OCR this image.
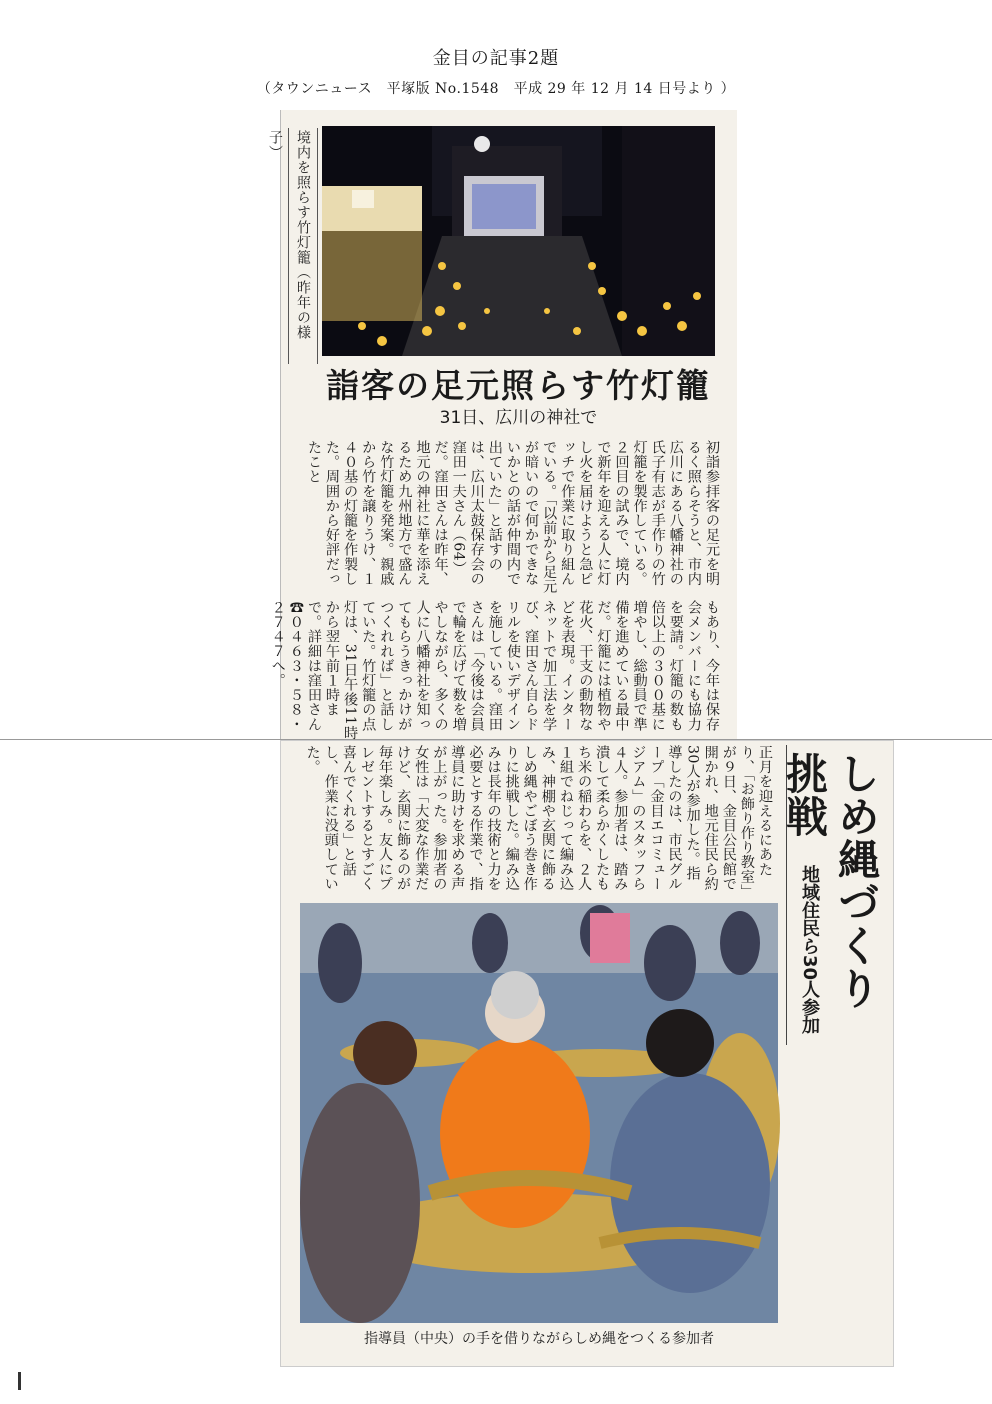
金目の記事2題
（タウンニュース　平塚版 No.1548　平成 29 年 12 月 14 日号より ）
境内を照らす竹灯籠（昨年の様子）
詣客の足元照らす竹灯籠
31日、広川の神社で
初詣参拝客の足元を明るく照らそうと、市内広川にある八幡神社の氏子有志が手作りの竹灯籠を製作している。２回目の試みで、境内で新年を迎える人に灯し火を届けようと急ピッチで作業に取り組んでいる。「以前から足元が暗いので何かできないかとの話が仲間内で出ていた」と話すのは、広川太鼓保存会の窪田一夫さん（64）だ。窪田さんは昨年、地元の神社に華を添えるため九州地方で盛んな竹灯籠を発案。親戚から竹を譲りうけ、１４０基の灯籠を作製した。周囲から好評だったこと
もあり、今年は保存会メンバーにも協力を要請。灯籠の数も倍以上の３００基に増やし、総動員で準備を進めている最中だ。灯籠には植物や花火、干支の動物などを表現。インターネットで加工法を学び、窪田さん自らドリルを使いデザインを施している。窪田さんは「今後は会員で輪を広げて数を増やしながら、多くの人に八幡神社を知ってもらうきっかけがつくれれば」と話していた。竹灯籠の点灯は、31日午後11時から翌午前１時まで。詳細は窪田さん☎０４６３・５８・２７４７へ。
しめ縄づくり挑戦
地域住民ら30人参加
正月を迎えるにあたり、「お飾り作り教室」が９日、金目公民館で開かれ、地元住民ら約30人が参加した。指導したのは、市民グループ「金目エコミュージアム」のスタッフら４人。参加者は、踏み潰して柔らかくしたもち米の稲わらを、２人１組でねじって編み込み、神棚や玄関に飾るしめ縄やごぼう巻き作りに挑戦した。編み込みは長年の技術と力を必要とする作業で、指導員に助けを求める声が上がった。参加者の女性は「大変な作業だけど、玄関に飾るのが毎年楽しみ。友人にプレゼントするとすごく喜んでくれる」と話し、作業に没頭していた。
指導員（中央）の手を借りながらしめ縄をつくる参加者
